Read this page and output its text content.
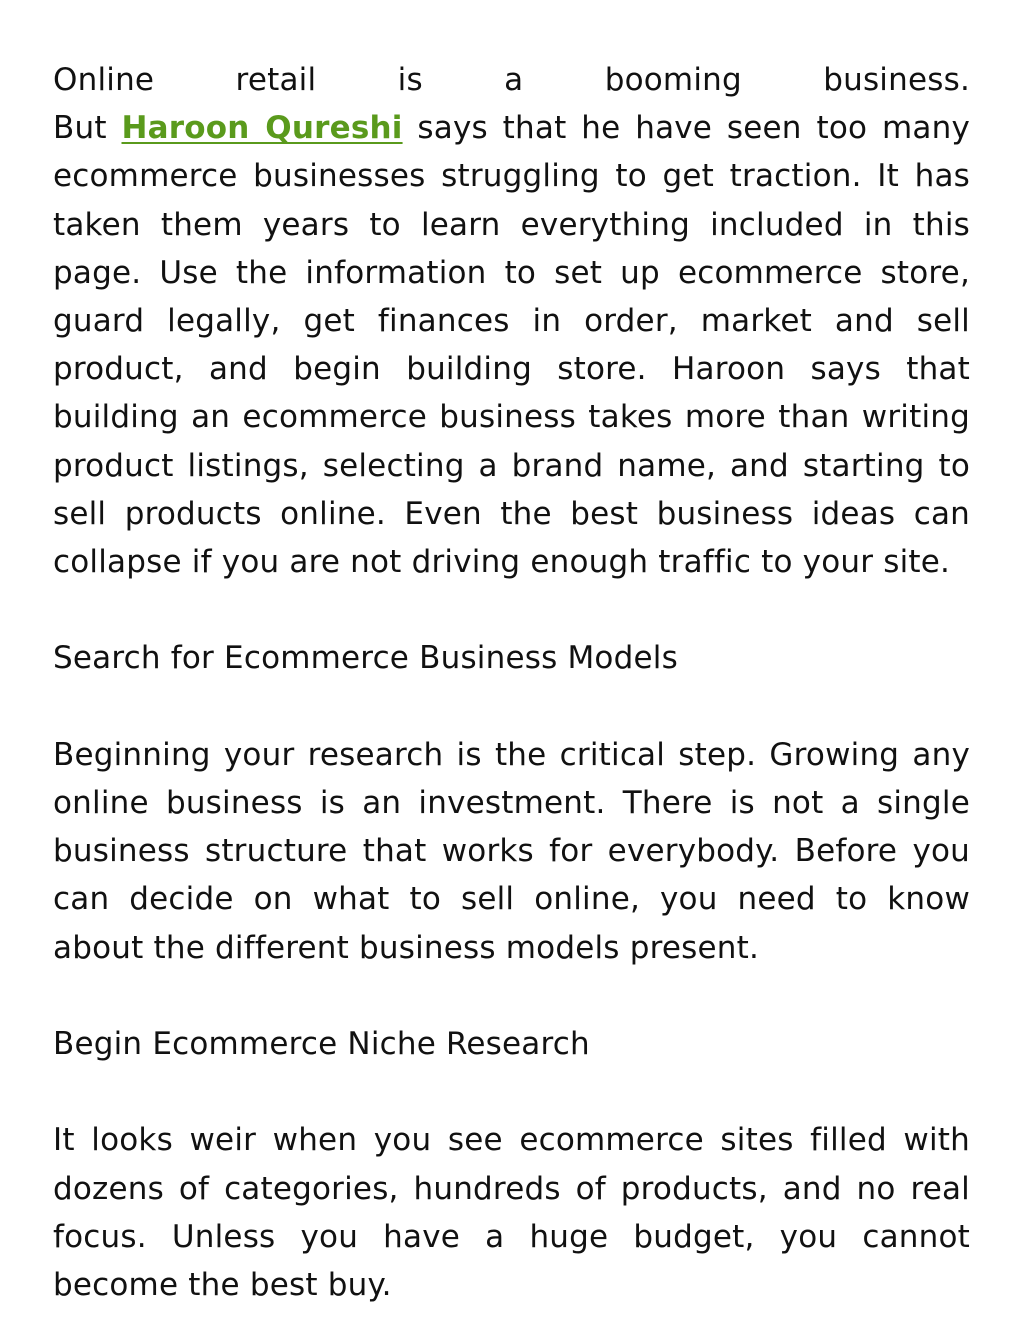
Online retail is a booming business.

But Haroon Qureshi says that he have seen too many ecommerce businesses struggling to get traction. It has taken them years to learn everything included in this page. Use the information to set up ecommerce store, guard legally, get finances in order, market and sell product, and begin building store. Haroon says that building an ecommerce business takes more than writing product listings, selecting a brand name, and starting to sell products online. Even the best business ideas can collapse if you are not driving enough traffic to your site.

Search for Ecommerce Business Models

Beginning your research is the critical step. Growing any online business is an investment. There is not a single business structure that works for everybody. Before you can decide on what to sell online, you need to know about the different business models present.

Begin Ecommerce Niche Research

It looks weir when you see ecommerce sites filled with dozens of categories, hundreds of products, and no real focus. Unless you have a huge budget, you cannot become the best buy.
